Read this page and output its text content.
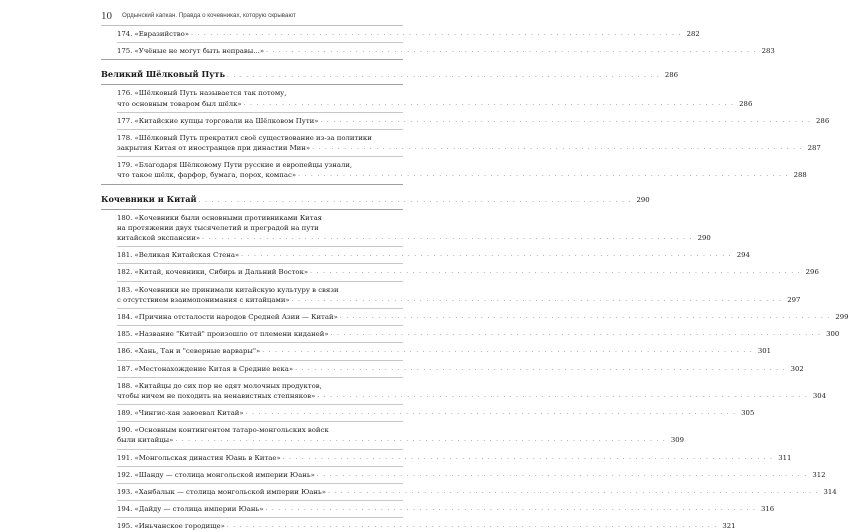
10 Ордынский капкан. Правда о кочевниках, которую скрывают
174. «Евразийство» . . .	282
175. «Учёные не могут быть неправы...» . . .	283
Великий Шёлковый Путь . . .	286
176. «Шёлковый Путь называется так потому,
что основным товаром был шёлк» . . .	286
177. «Китайские купцы торговали на Шёлковом Пути» . . .	286
178. «Шёлковый Путь прекратил своё существование из-за политики
закрытия Китая от иностранцев при династии Мин» . . .	287
179. «Благодаря Шёлковому Пути русские и европейцы узнали,
что такое шёлк, фарфор, бумага, порох, компас» . . .	288
Кочевники и Китай . . .	290
180. «Кочевники были основными противниками Китая
на протяжении двух тысячелетий и преградой на пути
китайской экспансии» . . .	290
181. «Великая Китайская Стена» . . .	294
182. «Китай, кочевники, Сибирь и Дальний Восток» . . .	296
183. «Кочевники не принимали китайскую культуру в связи
с отсутствием взаимопонимания с китайцами» . . .	297
184. «Причина отсталости народов Средней Азии — Китай» . . .	299
185. «Название "Китай" произошло от племени киданей» . . .	300
186. «Хань, Тан и "северные варвары"» . . .	301
187. «Местонахождение Китая в Средние века» . . .	302
188. «Китайцы до сих пор не едят молочных продуктов,
чтобы ничем не походить на ненавистных степняков» . . .	304
189. «Чингис-хан завоевал Китай» . . .	305
190. «Основным контингентом татаро-монгольских войск
были китайцы» . . .	309
191. «Монгольская династия Юань в Китае» . . .	311
192. «Шанду — столица монгольской империи Юань» . . .	312
193. «Ханбалык — столица монгольской империи Юань» . . .	314
194. «Дайду — столица империи Юань» . . .	316
195. «Иньчанское городище» . . .	321
